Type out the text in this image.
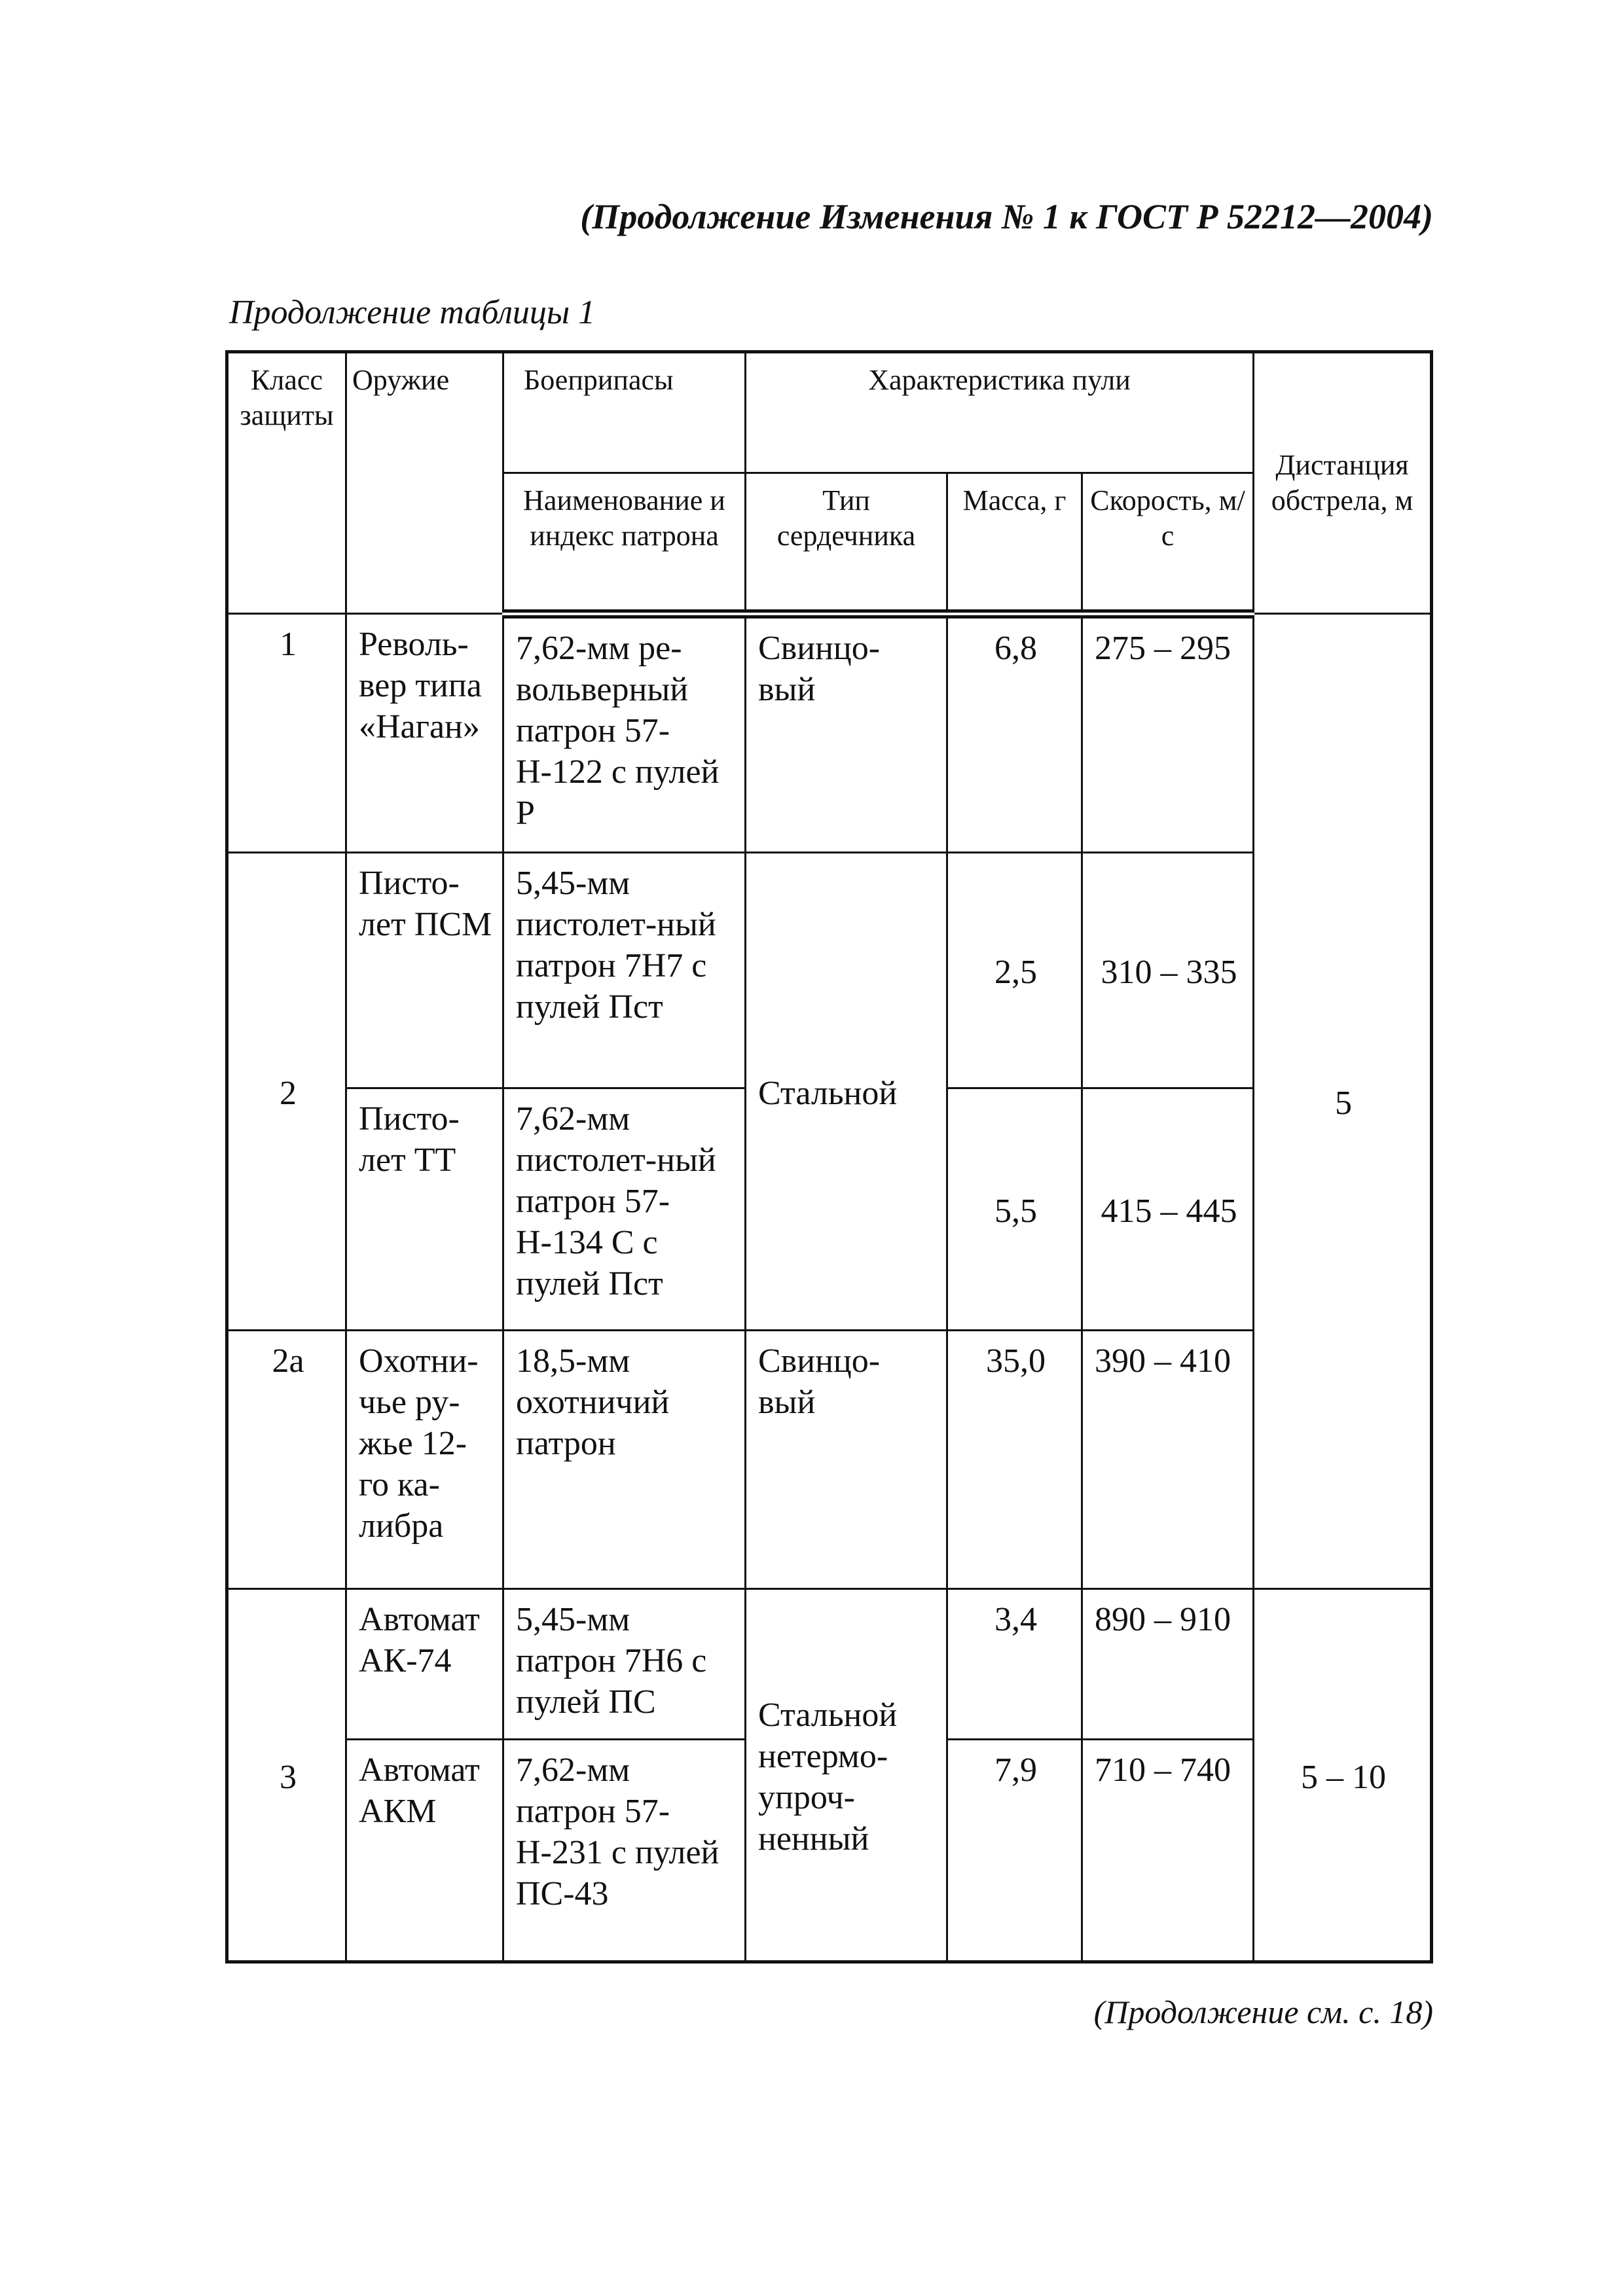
(Продолжение Изменения № 1 к ГОСТ Р 52212—2004)
Продолжение таблицы 1
Класс защиты	Оружие	Боеприпасы	Характеристика пули			Дистанция обстрела, м
		Наименование и индекс патрона	Тип сердечника	Масса, г	Скорость, м/с	
1	Револь-вер типа «Наган»	7,62-мм ре-вольверный патрон 57-Н-122 с пулей Р	Свинцо-вый	6,8	275 – 295	5
2	Писто-лет ПСМ	5,45-мм пистолет-ный патрон 7Н7 с пулей Пст	Стальной	2,5	310 – 335	
	Писто-лет ТТ	7,62-мм пистолет-ный патрон 57-Н-134 С с пулей Пст		5,5	415 – 445	
2а	Охотни-чье ру-жье 12-го ка-либра	18,5-мм охотничий патрон	Свинцо-вый	35,0	390 – 410	
3	Автомат АК-74	5,45-мм патрон 7Н6 с пулей ПС	Стальной нетермо-упроч-ненный	3,4	890 – 910	5 – 10
	Автомат АКМ	7,62-мм патрон 57-Н-231 с пулей ПС-43		7,9	710 – 740	
(Продолжение см. с. 18)
